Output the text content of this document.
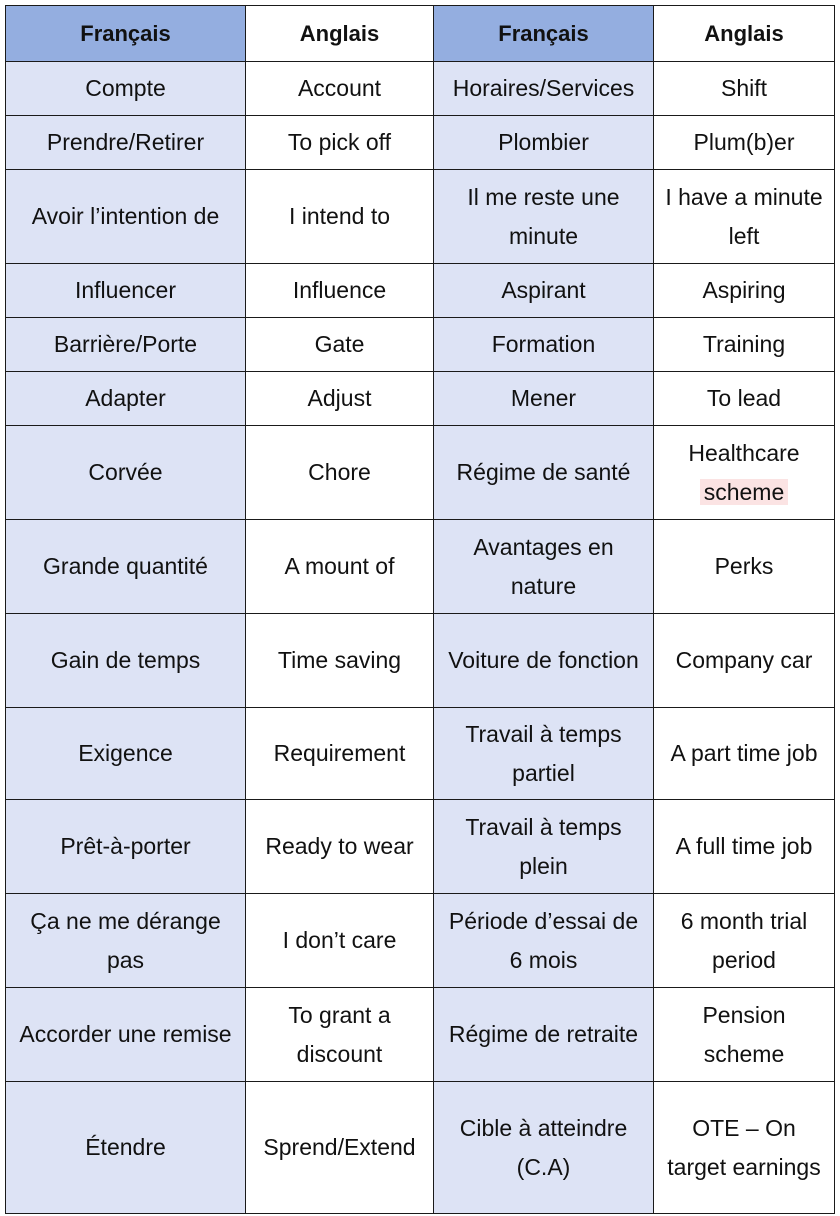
Français	Anglais	Français	Anglais
Compte	Account	Horaires/Services	Shift
Prendre/Retirer	To pick off	Plombier	Plum(b)er
Avoir l’intention de	I intend to	Il me reste une minute	I have a minute left
Influencer	Influence	Aspirant	Aspiring
Barrière/Porte	Gate	Formation	Training
Adapter	Adjust	Mener	To lead
Corvée	Chore	Régime de santé	Healthcare scheme
Grande quantité	A mount of	Avantages en nature	Perks
Gain de temps	Time saving	Voiture de fonction	Company car
Exigence	Requirement	Travail à temps partiel	A part time job
Prêt-à-porter	Ready to wear	Travail à temps plein	A full time job
Ça ne me dérange pas	I don’t care	Période d’essai de 6 mois	6 month trial period
Accorder une remise	To grant a discount	Régime de retraite	Pension scheme
Étendre	Sprend/Extend	Cible à atteindre (C.A)	OTE – On target earnings
